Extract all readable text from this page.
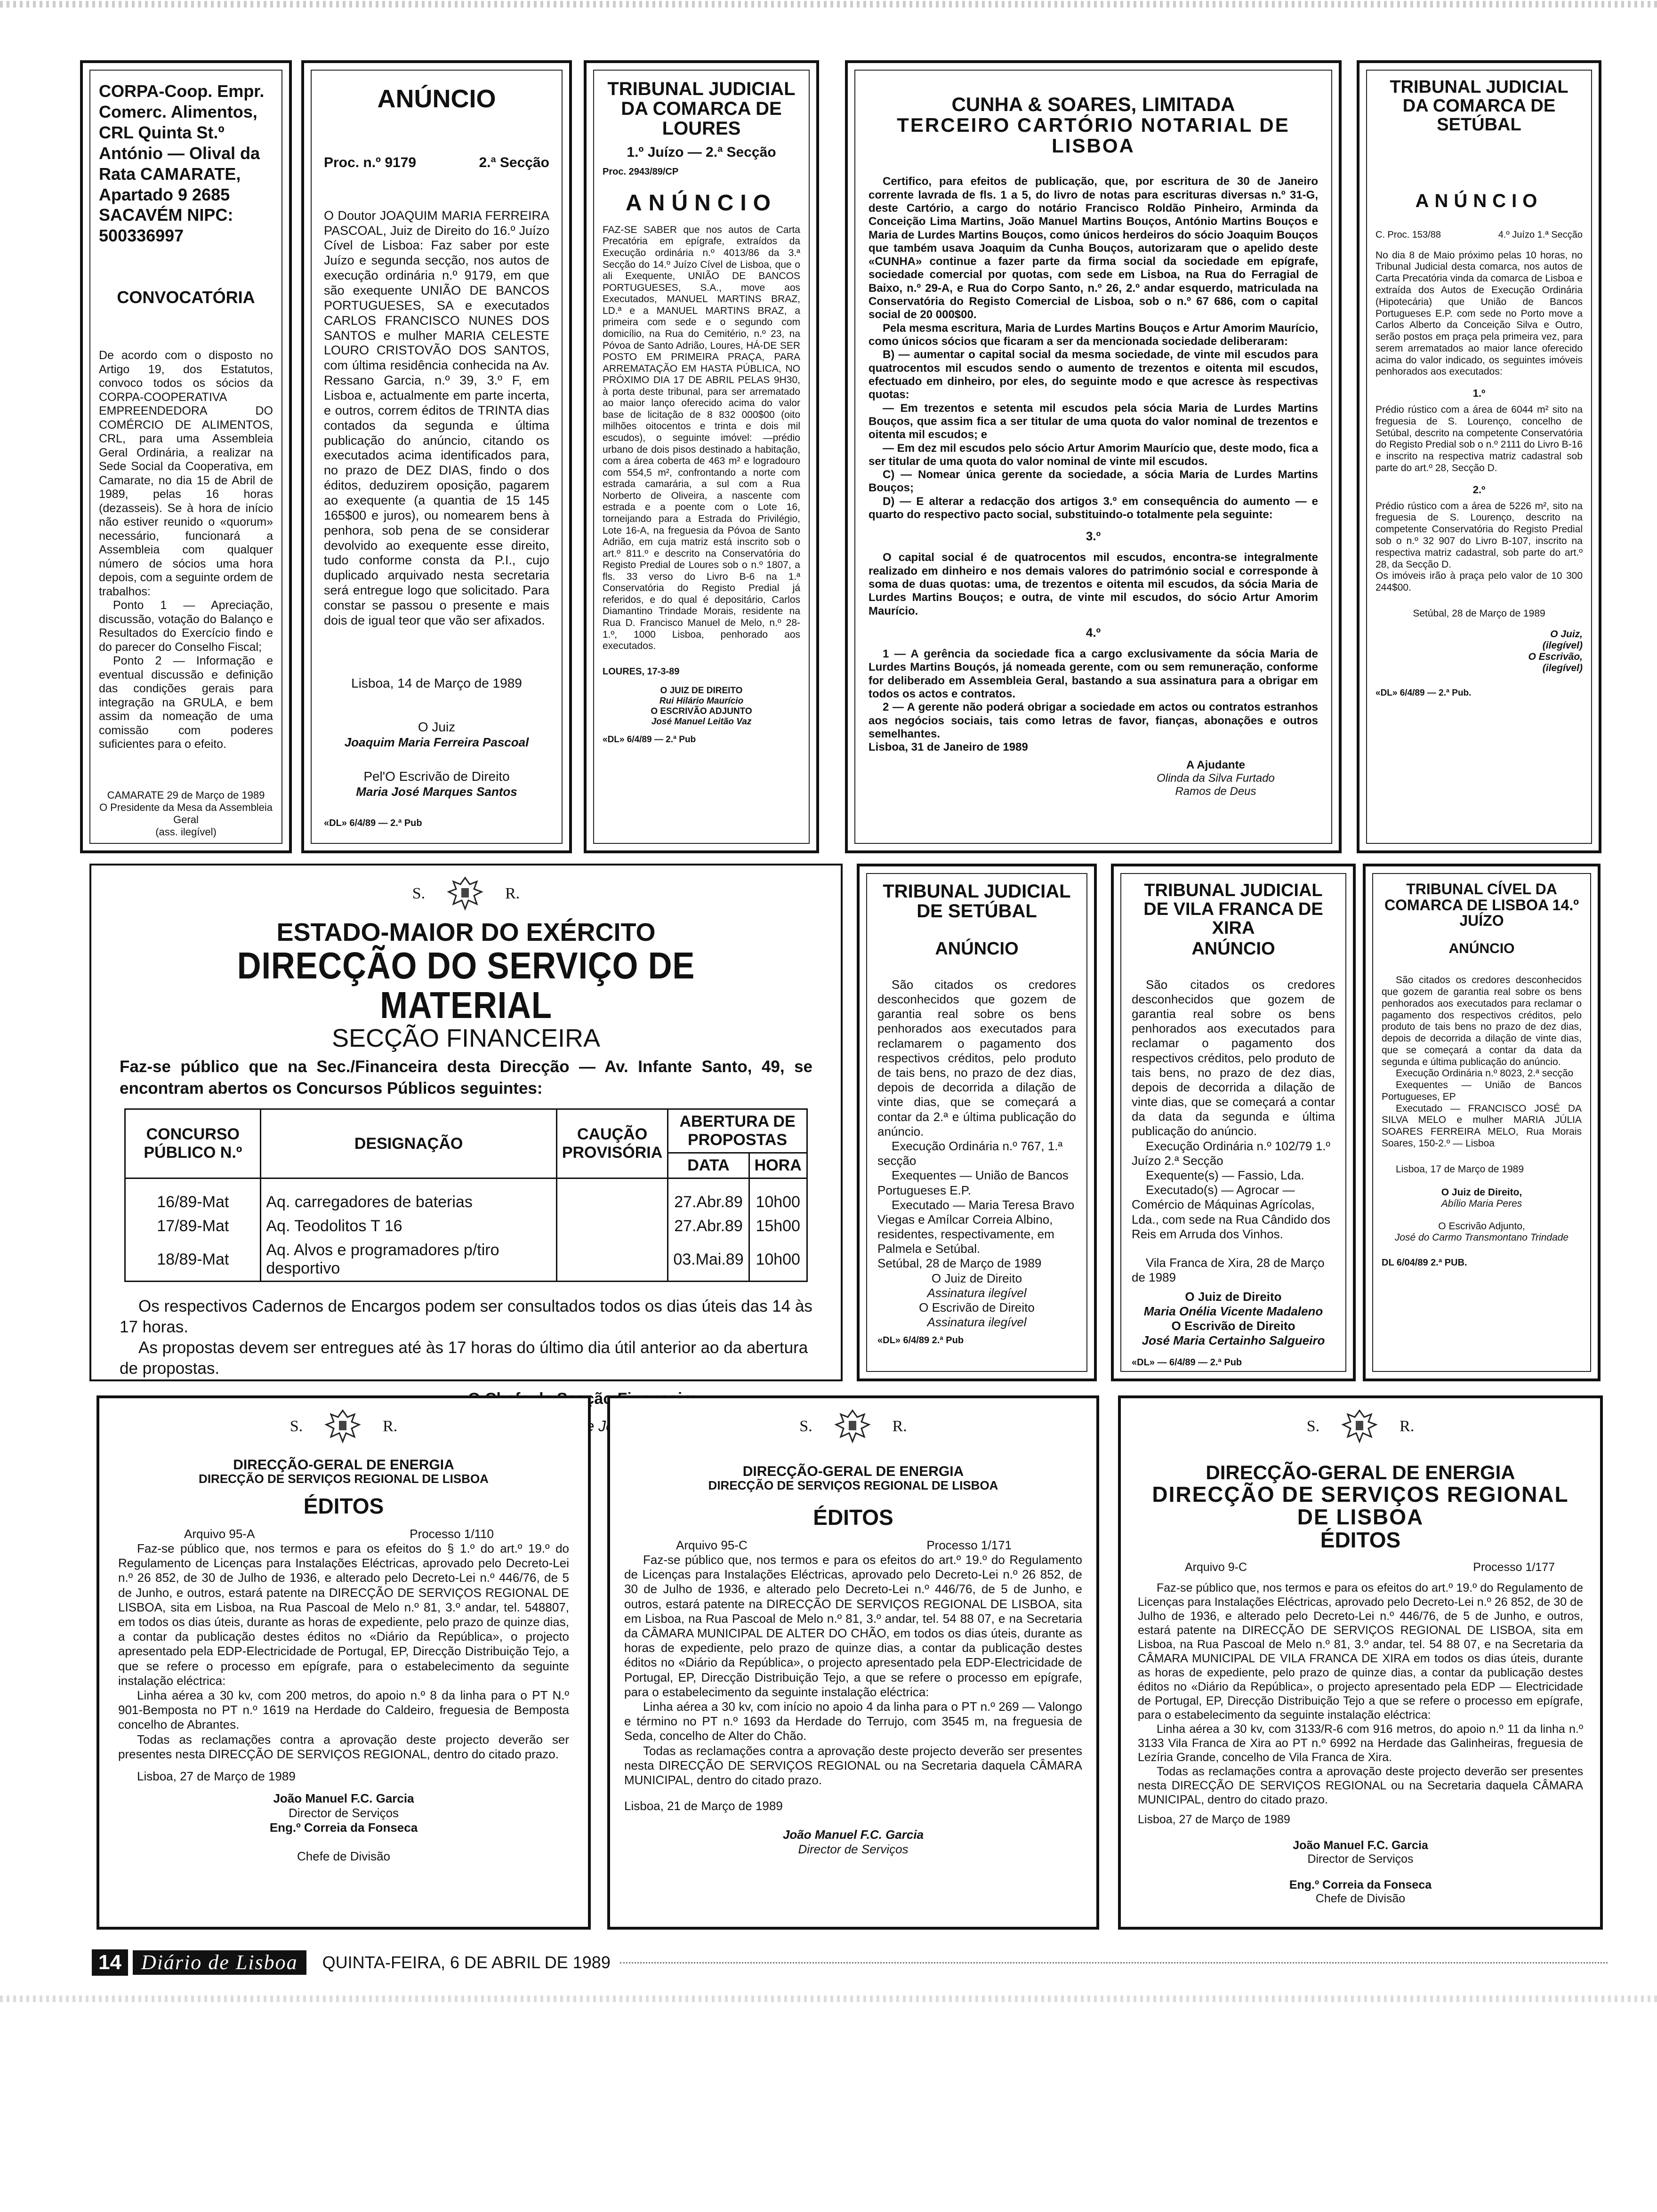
CORPA-Coop. Empr. Comerc. Alimentos, CRL Quinta St.º António — Olival da Rata CAMARATE, Apartado 9 2685 SACAVÉM NIPC: 500336997
CONVOCATÓRIA
De acordo com o disposto no Artigo 19, dos Estatutos, convoco todos os sócios da CORPA-COOPERATIVA EMPREENDEDORA DO COMÉRCIO DE ALIMENTOS, CRL, para uma Assembleia Geral Ordinária, a realizar na Sede Social da Cooperativa, em Camarate, no dia 15 de Abril de 1989, pelas 16 horas (dezasseis). Se à hora de início não estiver reunido o «quorum» necessário, funcionará a Assembleia com qualquer número de sócios uma hora depois, com a seguinte ordem de trabalhos:
Ponto 1 — Apreciação, discussão, votação do Balanço e Resultados do Exercício findo e do parecer do Conselho Fiscal;
Ponto 2 — Informação e eventual discussão e definição das condições gerais para integração na GRULA, e bem assim da nomeação de uma comissão com poderes suficientes para o efeito.
CAMARATE 29 de Março de 1989
O Presidente da Mesa da Assembleia Geral
(ass. ilegível)
ANÚNCIO
Proc. n.º 9179	2.ª Secção
O Doutor JOAQUIM MARIA FERREIRA PASCOAL, Juiz de Direito do 16.º Juízo Cível de Lisboa: Faz saber por este Juízo e segunda secção, nos autos de execução ordinária n.º 9179, em que são exequente UNIÃO DE BANCOS PORTUGUESES, SA e executados CARLOS FRANCISCO NUNES DOS SANTOS e mulher MARIA CELESTE LOURO CRISTOVÃO DOS SANTOS, com última residência conhecida na Av. Ressano Garcia, n.º 39, 3.º F, em Lisboa e, actualmente em parte incerta, e outros, correm éditos de TRINTA dias contados da segunda e última publicação do anúncio, citando os executados acima identificados para, no prazo de DEZ DIAS, findo o dos éditos, deduzirem oposição, pagarem ao exequente (a quantia de 15 145 165$00 e juros), ou nomearem bens à penhora, sob pena de se considerar devolvido ao exequente esse direito, tudo conforme consta da P.I., cujo duplicado arquivado nesta secretaria será entregue logo que solicitado. Para constar se passou o presente e mais dois de igual teor que vão ser afixados.
Lisboa, 14 de Março de 1989
O Juiz
Joaquim Maria Ferreira Pascoal
Pel'O Escrivão de Direito
Maria José Marques Santos
«DL» 6/4/89 — 2.ª Pub
TRIBUNAL JUDICIAL DA COMARCA DE LOURES
1.º Juízo — 2.ª Secção
Proc. 2943/89/CP
ANÚNCIO
FAZ-SE SABER que nos autos de Carta Precatória em epígrafe, extraídos da Execução ordinária n.º 4013/86 da 3.ª Secção do 14.º Juízo Cível de Lisboa, que o ali Exequente, UNIÃO DE BANCOS PORTUGUESES, S.A., move aos Executados, MANUEL MARTINS BRAZ, LD.ª e a MANUEL MARTINS BRAZ, a primeira com sede e o segundo com domicílio, na Rua do Cemitério, n.º 23, na Póvoa de Santo Adrião, Loures, HÁ-DE SER POSTO EM PRIMEIRA PRAÇA, PARA ARREMATAÇÃO EM HASTA PÚBLICA, NO PRÓXIMO DIA 17 DE ABRIL PELAS 9H30, à porta deste tribunal, para ser arrematado ao maior lanço oferecido acima do valor base de licitação de 8 832 000$00 (oito milhões oitocentos e trinta e dois mil escudos), o seguinte imóvel: —prédio urbano de dois pisos destinado a habitação, com a área coberta de 463 m² e logradouro com 554,5 m², confrontando a norte com estrada camarária, a sul com a Rua Norberto de Oliveira, a nascente com estrada e a poente com o Lote 16, torneijando para a Estrada do Privilégio, Lote 16-A, na freguesia da Póvoa de Santo Adrião, em cuja matriz está inscrito sob o art.º 811.º e descrito na Conservatória do Registo Predial de Loures sob o n.º 1807, a fls. 33 verso do Livro B-6 na 1.ª Conservatória do Registo Predial já referidos, e do qual é depositário, Carlos Diamantino Trindade Morais, residente na Rua D. Francisco Manuel de Melo, n.º 28-1.º, 1000 Lisboa, penhorado aos executados.
LOURES, 17-3-89
O JUIZ DE DIREITO
Rui Hilário Maurício
O ESCRIVÃO ADJUNTO
José Manuel Leitão Vaz
«DL» 6/4/89 — 2.ª Pub
CUNHA & SOARES, LIMITADA
TERCEIRO CARTÓRIO NOTARIAL DE LISBOA
Certifico, para efeitos de publicação, que, por escritura de 30 de Janeiro corrente lavrada de fls. 1 a 5, do livro de notas para escrituras diversas n.º 31-G, deste Cartório, a cargo do notário Francisco Roldão Pinheiro, Arminda da Conceição Lima Martins, João Manuel Martins Bouços, António Martins Bouços e Maria de Lurdes Martins Bouços, como únicos herdeiros do sócio Joaquim Bouços que também usava Joaquim da Cunha Bouços, autorizaram que o apelido deste «CUNHA» continue a fazer parte da firma social da sociedade em epígrafe, sociedade comercial por quotas, com sede em Lisboa, na Rua do Ferragial de Baixo, n.º 29-A, e Rua do Corpo Santo, n.º 26, 2.º andar esquerdo, matriculada na Conservatória do Registo Comercial de Lisboa, sob o n.º 67 686, com o capital social de 20 000$00.
Pela mesma escritura, Maria de Lurdes Martins Bouços e Artur Amorim Maurício, como únicos sócios que ficaram a ser da mencionada sociedade deliberaram:
B) — aumentar o capital social da mesma sociedade, de vinte mil escudos para quatrocentos mil escudos sendo o aumento de trezentos e oitenta mil escudos, efectuado em dinheiro, por eles, do seguinte modo e que acresce às respectivas quotas:
— Em trezentos e setenta mil escudos pela sócia Maria de Lurdes Martins Bouços, que assim fica a ser titular de uma quota do valor nominal de trezentos e oitenta mil escudos; e
— Em dez mil escudos pelo sócio Artur Amorim Maurício que, deste modo, fica a ser titular de uma quota do valor nominal de vinte mil escudos.
C) — Nomear única gerente da sociedade, a sócia Maria de Lurdes Martins Bouços;
D) — E alterar a redacção dos artigos 3.º em consequência do aumento — e quarto do respectivo pacto social, substituindo-o totalmente pela seguinte:
3.º
O capital social é de quatrocentos mil escudos, encontra-se integralmente realizado em dinheiro e nos demais valores do património social e corresponde à soma de duas quotas: uma, de trezentos e oitenta mil escudos, da sócia Maria de Lurdes Martins Bouços; e outra, de vinte mil escudos, do sócio Artur Amorim Maurício.
4.º
1 — A gerência da sociedade fica a cargo exclusivamente da sócia Maria de Lurdes Martins Bouçós, já nomeada gerente, com ou sem remuneração, conforme for deliberado em Assembleia Geral, bastando a sua assinatura para a obrigar em todos os actos e contratos.
2 — A gerente não poderá obrigar a sociedade em actos ou contratos estranhos aos negócios sociais, tais como letras de favor, fianças, abonações e outros semelhantes.
Lisboa, 31 de Janeiro de 1989
A Ajudante
Olinda da Silva Furtado
Ramos de Deus
TRIBUNAL JUDICIAL DA COMARCA DE SETÚBAL
ANÚNCIO
C. Proc. 153/88	4.º Juízo 1.ª Secção
No dia 8 de Maio próximo pelas 10 horas, no Tribunal Judicial desta comarca, nos autos de Carta Precatória vinda da comarca de Lisboa e extraída dos Autos de Execução Ordinária (Hipotecária) que União de Bancos Portugueses E.P. com sede no Porto move a Carlos Alberto da Conceição Silva e Outro, serão postos em praça pela primeira vez, para serem arrematados ao maior lance oferecido acima do valor indicado, os seguintes imóveis penhorados aos executados:
1.º
Prédio rústico com a área de 6044 m² sito na freguesia de S. Lourenço, concelho de Setúbal, descrito na competente Conservatória do Registo Predial sob o n.º 2111 do Livro B-16 e inscrito na respectiva matriz cadastral sob parte do art.º 28, Secção D.
2.º
Prédio rústico com a área de 5226 m², sito na freguesia de S. Lourenço, descrito na competente Conservatória do Registo Predial sob o n.º 32 907 do Livro B-107, inscrito na respectiva matriz cadastral, sob parte do art.º 28, da Secção D.
Os imóveis irão à praça pelo valor de 10 300 244$00.
Setúbal, 28 de Março de 1989
O Juiz,
(ilegível)
O Escrivão,
(ilegível)
«DL» 6/4/89 — 2.ª Pub.
S.	R.
ESTADO-MAIOR DO EXÉRCITO
DIRECÇÃO DO SERVIÇO DE MATERIAL
SECÇÃO FINANCEIRA
Faz-se público que na Sec./Financeira desta Direcção — Av. Infante Santo, 49, se encontram abertos os Concursos Públicos seguintes:
CONCURSO PÚBLICO N.º	DESIGNAÇÃO	CAUÇÃO PROVISÓRIA	ABERTURA DE PROPOSTAS	
			DATA	HORA
16/89-Mat	Aq. carregadores de baterias		27.Abr.89	10h00
17/89-Mat	Aq. Teodolitos T 16		27.Abr.89	15h00
18/89-Mat	Aq. Alvos e programadores p/tiro desportivo		03.Mai.89	10h00
Os respectivos Cadernos de Encargos podem ser consultados todos os dias úteis das 14 às 17 horas.
As propostas devem ser entregues até às 17 horas do último dia útil anterior ao da abertura de propostas.
TRIBUNAL JUDICIAL DE SETÚBAL
ANÚNCIO
São citados os credores desconhecidos que gozem de garantia real sobre os bens penhorados aos executados para reclamarem o pagamento dos respectivos créditos, pelo produto de tais bens, no prazo de dez dias, depois de decorrida a dilação de vinte dias, que se começará a contar da 2.ª e última publicação do anúncio.
Execução Ordinária n.º 767, 1.ª secção
Exequentes — União de Bancos Portugueses E.P.
Executado — Maria Teresa Bravo Viegas e Amílcar Correia Albino, residentes, respectivamente, em Palmela e Setúbal.
Setúbal, 28 de Março de 1989
O Juiz de Direito
Assinatura ilegível
O Escrivão de Direito
Assinatura ilegível
«DL» 6/4/89 2.ª Pub
TRIBUNAL JUDICIAL DE VILA FRANCA DE XIRA
ANÚNCIO
São citados os credores desconhecidos que gozem de garantia real sobre os bens penhorados aos executados para reclamar o pagamento dos respectivos créditos, pelo produto de tais bens, no prazo de dez dias, depois de decorrida a dilação de vinte dias, que se começará a contar da data da segunda e última publicação do anúncio.
Execução Ordinária n.º 102/79 1.º Juízo 2.ª Secção
Exequente(s) — Fassio, Lda.
Executado(s) — Agrocar — Comércio de Máquinas Agrícolas, Lda., com sede na Rua Cândido dos Reis em Arruda dos Vinhos.
Vila Franca de Xira, 28 de Março de 1989
O Juiz de Direito
Maria Onélia Vicente Madaleno
O Escrivão de Direito
José Maria Certainho Salgueiro
«DL» — 6/4/89 — 2.ª Pub
TRIBUNAL CÍVEL DA COMARCA DE LISBOA 14.º JUÍZO
ANÚNCIO
São citados os credores desconhecidos que gozem de garantia real sobre os bens penhorados aos executados para reclamar o pagamento dos respectivos créditos, pelo produto de tais bens no prazo de dez dias, depois de decorrida a dilação de vinte dias, que se começará a contar da data da segunda e última publicação do anúncio.
Execução Ordinária n.º 8023, 2.ª secção
Exequentes — União de Bancos Portugueses, EP
Executado — FRANCISCO JOSÉ DA SILVA MELO e mulher MARIA JÚLIA SOARES FERREIRA MELO, Rua Morais Soares, 150-2.º — Lisboa
Lisboa, 17 de Março de 1989
O Juiz de Direito,
Abílio Maria Peres
O Escrivão Adjunto,
José do Carmo Transmontano Trindade
DL 6/04/89 2.ª PUB.
S.	R.
DIRECÇÃO-GERAL DE ENERGIA
DIRECÇÃO DE SERVIÇOS REGIONAL DE LISBOA
ÉDITOS
Arquivo 95-A	Processo 1/110
Faz-se público que, nos termos e para os efeitos do § 1.º do art.º 19.º do Regulamento de Licenças para Instalações Eléctricas, aprovado pelo Decreto-Lei n.º 26 852, de 30 de Julho de 1936, e alterado pelo Decreto-Lei n.º 446/76, de 5 de Junho, e outros, estará patente na DIRECÇÃO DE SERVIÇOS REGIONAL DE LISBOA, sita em Lisboa, na Rua Pascoal de Melo n.º 81, 3.º andar, tel. 548807, em todos os dias úteis, durante as horas de expediente, pelo prazo de quinze dias, a contar da publicação destes éditos no «Diário da República», o projecto apresentado pela EDP-Electricidade de Portugal, EP, Direcção Distribuição Tejo, a que se refere o processo em epígrafe, para o estabelecimento da seguinte instalação eléctrica:
Linha aérea a 30 kv, com 200 metros, do apoio n.º 8 da linha para o PT N.º 901-Bemposta no PT n.º 1619 na Herdade do Caldeiro, freguesia de Bemposta concelho de Abrantes.
Todas as reclamações contra a aprovação deste projecto deverão ser presentes nesta DIRECÇÃO DE SERVIÇOS REGIONAL, dentro do citado prazo.
Lisboa, 27 de Março de 1989
João Manuel F.C. Garcia
Director de Serviços
Eng.º Correia da Fonseca
Chefe de Divisão
S.	R.
DIRECÇÃO-GERAL DE ENERGIA
DIRECÇÃO DE SERVIÇOS REGIONAL DE LISBOA
ÉDITOS
Arquivo 95-C	Processo 1/171
Faz-se público que, nos termos e para os efeitos do art.º 19.º do Regulamento de Licenças para Instalações Eléctricas, aprovado pelo Decreto-Lei n.º 26 852, de 30 de Julho de 1936, e alterado pelo Decreto-Lei n.º 446/76, de 5 de Junho, e outros, estará patente na DIRECÇÃO DE SERVIÇOS REGIONAL DE LISBOA, sita em Lisboa, na Rua Pascoal de Melo n.º 81, 3.º andar, tel. 54 88 07, e na Secretaria da CÂMARA MUNICIPAL DE ALTER DO CHÃO, em todos os dias úteis, durante as horas de expediente, pelo prazo de quinze dias, a contar da publicação destes éditos no «Diário da República», o projecto apresentado pela EDP-Electricidade de Portugal, EP, Direcção Distribuição Tejo, a que se refere o processo em epígrafe, para o estabelecimento da seguinte instalação eléctrica:
Linha aérea a 30 kv, com início no apoio 4 da linha para o PT n.º 269 — Valongo e término no PT n.º 1693 da Herdade do Terrujo, com 3545 m, na freguesia de Seda, concelho de Alter do Chão.
Todas as reclamações contra a aprovação deste projecto deverão ser presentes nesta DIRECÇÃO DE SERVIÇOS REGIONAL ou na Secretaria daquela CÂMARA MUNICIPAL, dentro do citado prazo.
Lisboa, 21 de Março de 1989
João Manuel F.C. Garcia
Director de Serviços
S.	R.
DIRECÇÃO-GERAL DE ENERGIA
DIRECÇÃO DE SERVIÇOS REGIONAL DE LISBOA
ÉDITOS
Arquivo 9-C	Processo 1/177
Faz-se público que, nos termos e para os efeitos do art.º 19.º do Regulamento de Licenças para Instalações Eléctricas, aprovado pelo Decreto-Lei n.º 26 852, de 30 de Julho de 1936, e alterado pelo Decreto-Lei n.º 446/76, de 5 de Junho, e outros, estará patente na DIRECÇÃO DE SERVIÇOS REGIONAL DE LISBOA, sita em Lisboa, na Rua Pascoal de Melo n.º 81, 3.º andar, tel. 54 88 07, e na Secretaria da CÂMARA MUNICIPAL DE VILA FRANCA DE XIRA em todos os dias úteis, durante as horas de expediente, pelo prazo de quinze dias, a contar da publicação destes éditos no «Diário da República», o projecto apresentado pela EDP — Electricidade de Portugal, EP, Direcção Distribuição Tejo a que se refere o processo em epígrafe, para o estabelecimento da seguinte instalação eléctrica:
Linha aérea a 30 kv, com 3133/R-6 com 916 metros, do apoio n.º 11 da linha n.º 3133 Vila Franca de Xira ao PT n.º 6992 na Herdade das Galinheiras, freguesia de Lezíria Grande, concelho de Vila Franca de Xira.
Todas as reclamações contra a aprovação deste projecto deverão ser presentes nesta DIRECÇÃO DE SERVIÇOS REGIONAL ou na Secretaria daquela CÂMARA MUNICIPAL, dentro do citado prazo.
Lisboa, 27 de Março de 1989
João Manuel F.C. Garcia
Director de Serviços
Eng.º Correia da Fonseca
Chefe de Divisão
14 Diário de Lisboa	QUINTA-FEIRA, 6 DE ABRIL DE 1989
